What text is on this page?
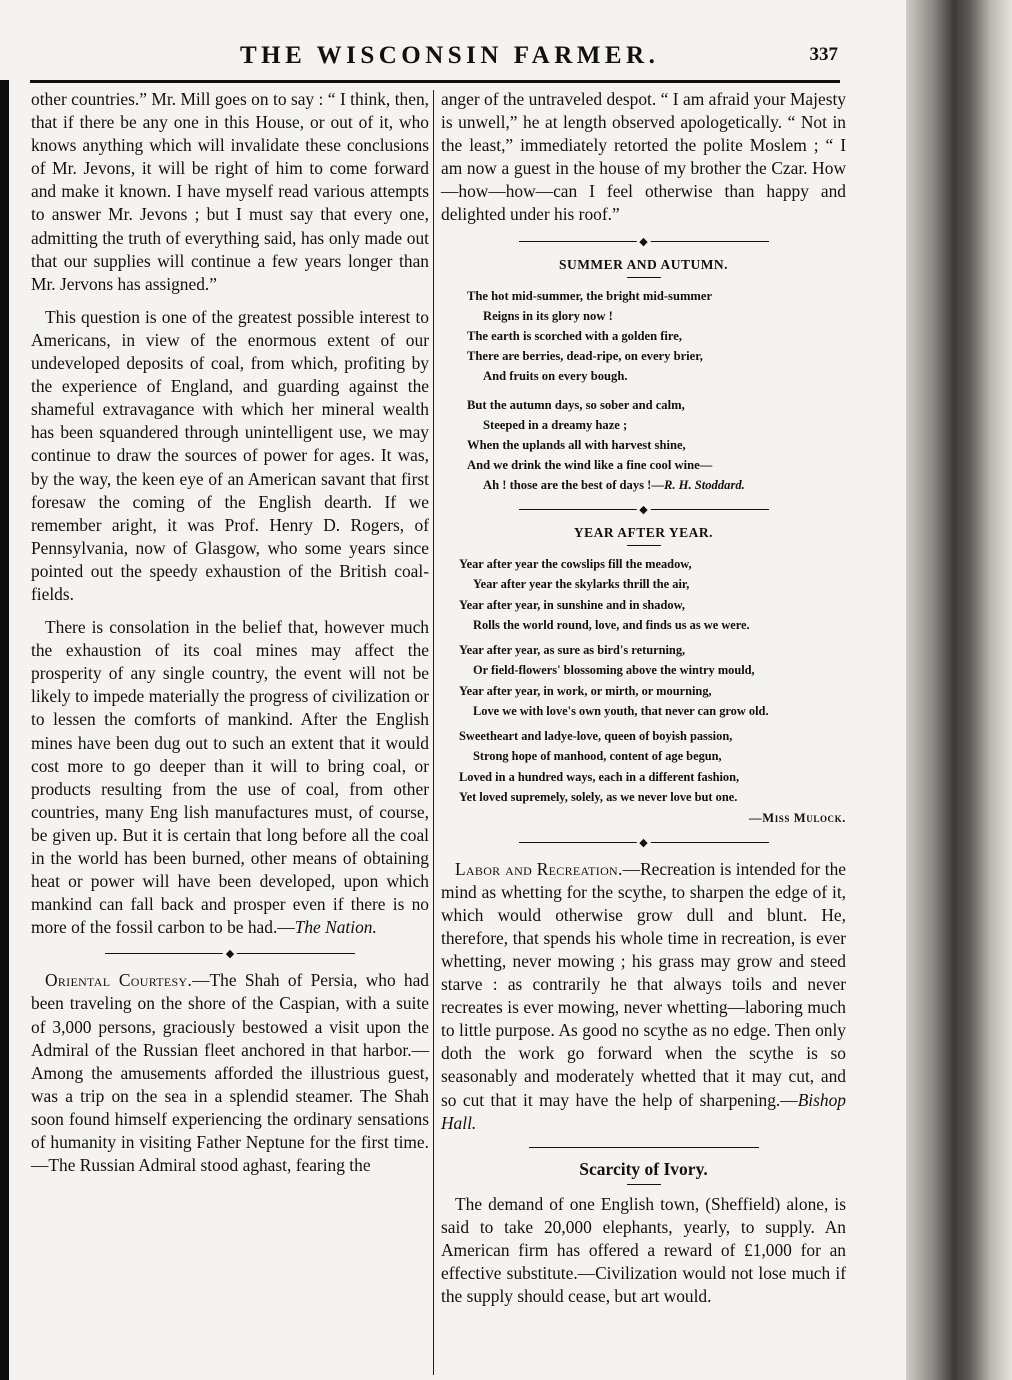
THE WISCONSIN FARMER.	337

other countries.” Mr. Mill goes on to say : “ I think, then, that if there be any one in this House, or out of it, who knows anything which will invalidate these conclusions of Mr. Jevons, it will be right of him to come forward and make it known. I have myself read various attempts to answer Mr. Jevons ; but I must say that every one, admitting the truth of everything said, has only made out that our supplies will continue a few years longer than Mr. Jervons has assigned.”

This question is one of the greatest possible interest to Americans, in view of the enormous extent of our undeveloped deposits of coal, from which, profiting by the experience of England, and guarding against the shameful extravagance with which her mineral wealth has been squandered through unintelligent use, we may continue to draw the sources of power for ages. It was, by the way, the keen eye of an American savant that first foresaw the coming of the English dearth. If we remember aright, it was Prof. Henry D. Rogers, of Pennsylvania, now of Glasgow, who some years since pointed out the speedy exhaustion of the British coal-fields.

There is consolation in the belief that, however much the exhaustion of its coal mines may affect the prosperity of any single country, the event will not be likely to impede materially the progress of civilization or to lessen the comforts of mankind. After the English mines have been dug out to such an extent that it would cost more to go deeper than it will to bring coal, or products resulting from the use of coal, from other countries, many Eng lish manufactures must, of course, be given up. But it is certain that long before all the coal in the world has been burned, other means of obtaining heat or power will have been developed, upon which mankind can fall back and prosper even if there is no more of the fossil carbon to be had.—The Nation.

◆

Oriental Courtesy.—The Shah of Persia, who had been traveling on the shore of the Caspian, with a suite of 3,000 persons, graciously bestowed a visit upon the Admiral of the Russian fleet anchored in that harbor.—Among the amusements afforded the illustrious guest, was a trip on the sea in a splendid steamer. The Shah soon found himself experiencing the ordinary sensations of humanity in visiting Father Neptune for the first time.—The Russian Admiral stood aghast, fearing the

anger of the untraveled despot. “ I am afraid your Majesty is unwell,” he at length observed apologetically. “ Not in the least,” immediately retorted the polite Moslem ; “ I am now a guest in the house of my brother the Czar. How—how—how—can I feel otherwise than happy and delighted under his roof.”

◆
SUMMER AND AUTUMN.
The hot mid-summer, the bright mid-summer
Reigns in its glory now !
The earth is scorched with a golden fire,
There are berries, dead-ripe, on every brier,
And fruits on every bough.
But the autumn days, so sober and calm,
Steeped in a dreamy haze ;
When the uplands all with harvest shine,
And we drink the wind like a fine cool wine—
Ah ! those are the best of days !—R. H. Stoddard.
◆
YEAR AFTER YEAR.
Year after year the cowslips fill the meadow,
Year after year the skylarks thrill the air,
Year after year, in sunshine and in shadow,
Rolls the world round, love, and finds us as we were.
Year after year, as sure as bird's returning,
Or field-flowers' blossoming above the wintry mould,
Year after year, in work, or mirth, or mourning,
Love we with love's own youth, that never can grow old.
Sweetheart and ladye-love, queen of boyish passion,
Strong hope of manhood, content of age begun,
Loved in a hundred ways, each in a different fashion,
Yet loved supremely, solely, as we never love but one.
—Miss Mulock.
◆

Labor and Recreation.—Recreation is intended for the mind as whetting for the scythe, to sharpen the edge of it, which would otherwise grow dull and blunt. He, therefore, that spends his whole time in recreation, is ever whetting, never mowing ; his grass may grow and steed starve : as contrarily he that always toils and never recreates is ever mowing, never whetting—laboring much to little purpose. As good no scythe as no edge. Then only doth the work go forward when the scythe is so seasonably and moderately whetted that it may cut, and so cut that it may have the help of sharpening.—Bishop Hall.

Scarcity of Ivory.

The demand of one English town, (Sheffield) alone, is said to take 20,000 elephants, yearly, to supply. An American firm has offered a reward of £1,000 for an effective substitute.—Civilization would not lose much if the supply should cease, but art would.
